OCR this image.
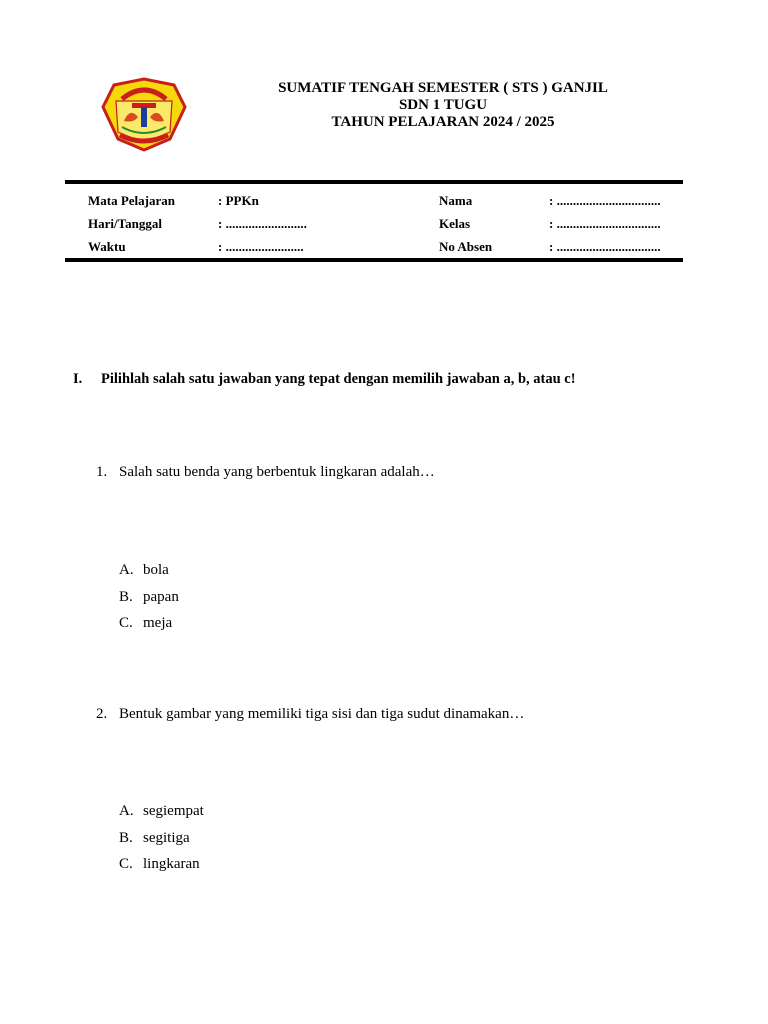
SUMATIF TENGAH SEMESTER ( STS ) GANJIL
SDN 1 TUGU
TAHUN PELAJARAN 2024 / 2025
Mata Pelajaran	: PPKn	Nama	: ................................
Hari/Tanggal	: .........................	Kelas	: ................................
Waktu	: ........................	No Absen	: ................................
I. Pilihlah salah satu jawaban yang tepat dengan memilih jawaban a, b, atau c!
1. Salah satu benda yang berbentuk lingkaran adalah…
A. bola
B. papan
C. meja
2. Bentuk gambar yang memiliki tiga sisi dan tiga sudut dinamakan…
A. segiempat
B. segitiga
C. lingkaran
